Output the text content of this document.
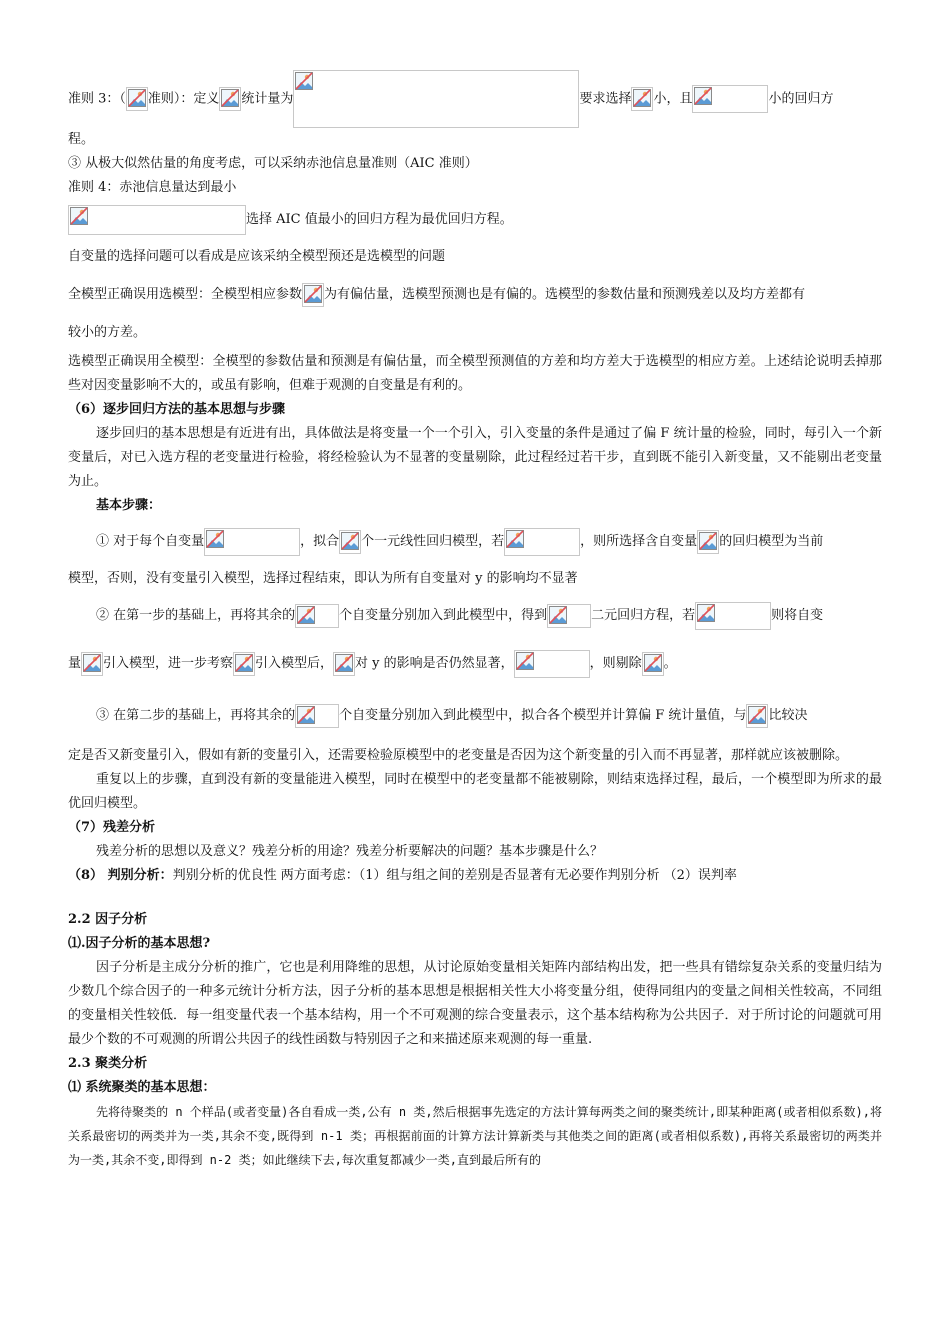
准则 3：（ 准则）：定义 统计量为	要求选择 小，且	小的回归方

程。

③ 从极大似然估量的角度考虑，可以采纳赤池信息量准则（AIC 准则）

准则 4：赤池信息量达到最小

选择 AIC 值最小的回归方程为最优回归方程。

自变量的选择问题可以看成是应该采纳全模型预还是选模型的问题

全模型正确误用选模型：全模型相应参数 为有偏估量，选模型预测也是有偏的。选模型的参数估量和预测残差以及均方差都有

较小的方差。

选模型正确误用全模型：全模型的参数估量和预测是有偏估量，而全模型预测值的方差和均方差大于选模型的相应方差。上述结论说明丢掉那些对因变量影响不大的，或虽有影响，但难于观测的自变量是有利的。

（6）逐步回归方法的基本思想与步骤

逐步回归的基本思想是有近进有出，具体做法是将变量一个一个引入，引入变量的条件是通过了偏 F 统计量的检验，同时，每引入一个新变量后，对已入选方程的老变量进行检验，将经检验认为不显著的变量剔除，此过程经过若干步，直到既不能引入新变量，又不能剔出老变量为止。

基本步骤：

① 对于每个自变量	，拟合 个一元线性回归模型，若	，则所选择含自变量 的回归模型为当前

模型，否则，没有变量引入模型，选择过程结束，即认为所有自变量对 y 的影响均不显著

② 在第一步的基础上，再将其余的	个自变量分别加入到此模型中，得到	二元回归方程，若	则将自变

量 引入模型，进一步考察 引入模型后， 对 y 的影响是否仍然显著，	，则剔除 。

③ 在第二步的基础上，再将其余的	个自变量分别加入到此模型中，拟合各个模型并计算偏 F 统计量值，与 比较决

定是否又新变量引入，假如有新的变量引入，还需要检验原模型中的老变量是否因为这个新变量的引入而不再显著，那样就应该被删除。

重复以上的步骤，直到没有新的变量能进入模型，同时在模型中的老变量都不能被剔除，则结束选择过程，最后，一个模型即为所求的最优回归模型。

（7）残差分析

残差分析的思想以及意义？残差分析的用途？残差分析要解决的问题？基本步骤是什么？

（8） 判别分析：判别分析的优良性 两方面考虑：（1）组与组之间的差别是否显著有无必要作判别分析 （2）误判率

2.2 因子分析

⑴.因子分析的基本思想?

因子分析是主成分分析的推广，它也是利用降维的思想，从讨论原始变量相关矩阵内部结构出发，把一些具有错综复杂关系的变量归结为少数几个综合因子的一种多元统计分析方法，因子分析的基本思想是根据相关性大小将变量分组，使得同组内的变量之间相关性较高，不同组的变量相关性较低．每一组变量代表一个基本结构，用一个不可观测的综合变量表示，这个基本结构称为公共因子．对于所讨论的问题就可用最少个数的不可观测的所谓公共因子的线性函数与特别因子之和来描述原来观测的每一重量.

2.3 聚类分析

⑴ 系统聚类的基本思想：

先将待聚类的 n 个样品(或者变量)各自看成一类,公有 n 类,然后根据事先选定的方法计算每两类之间的聚类统计,即某种距离(或者相似系数),将关系最密切的两类并为一类,其余不变,既得到 n-1 类；再根据前面的计算方法计算新类与其他类之间的距离(或者相似系数),再将关系最密切的两类并为一类,其余不变,即得到 n-2 类；如此继续下去,每次重复都减少一类,直到最后所有的
